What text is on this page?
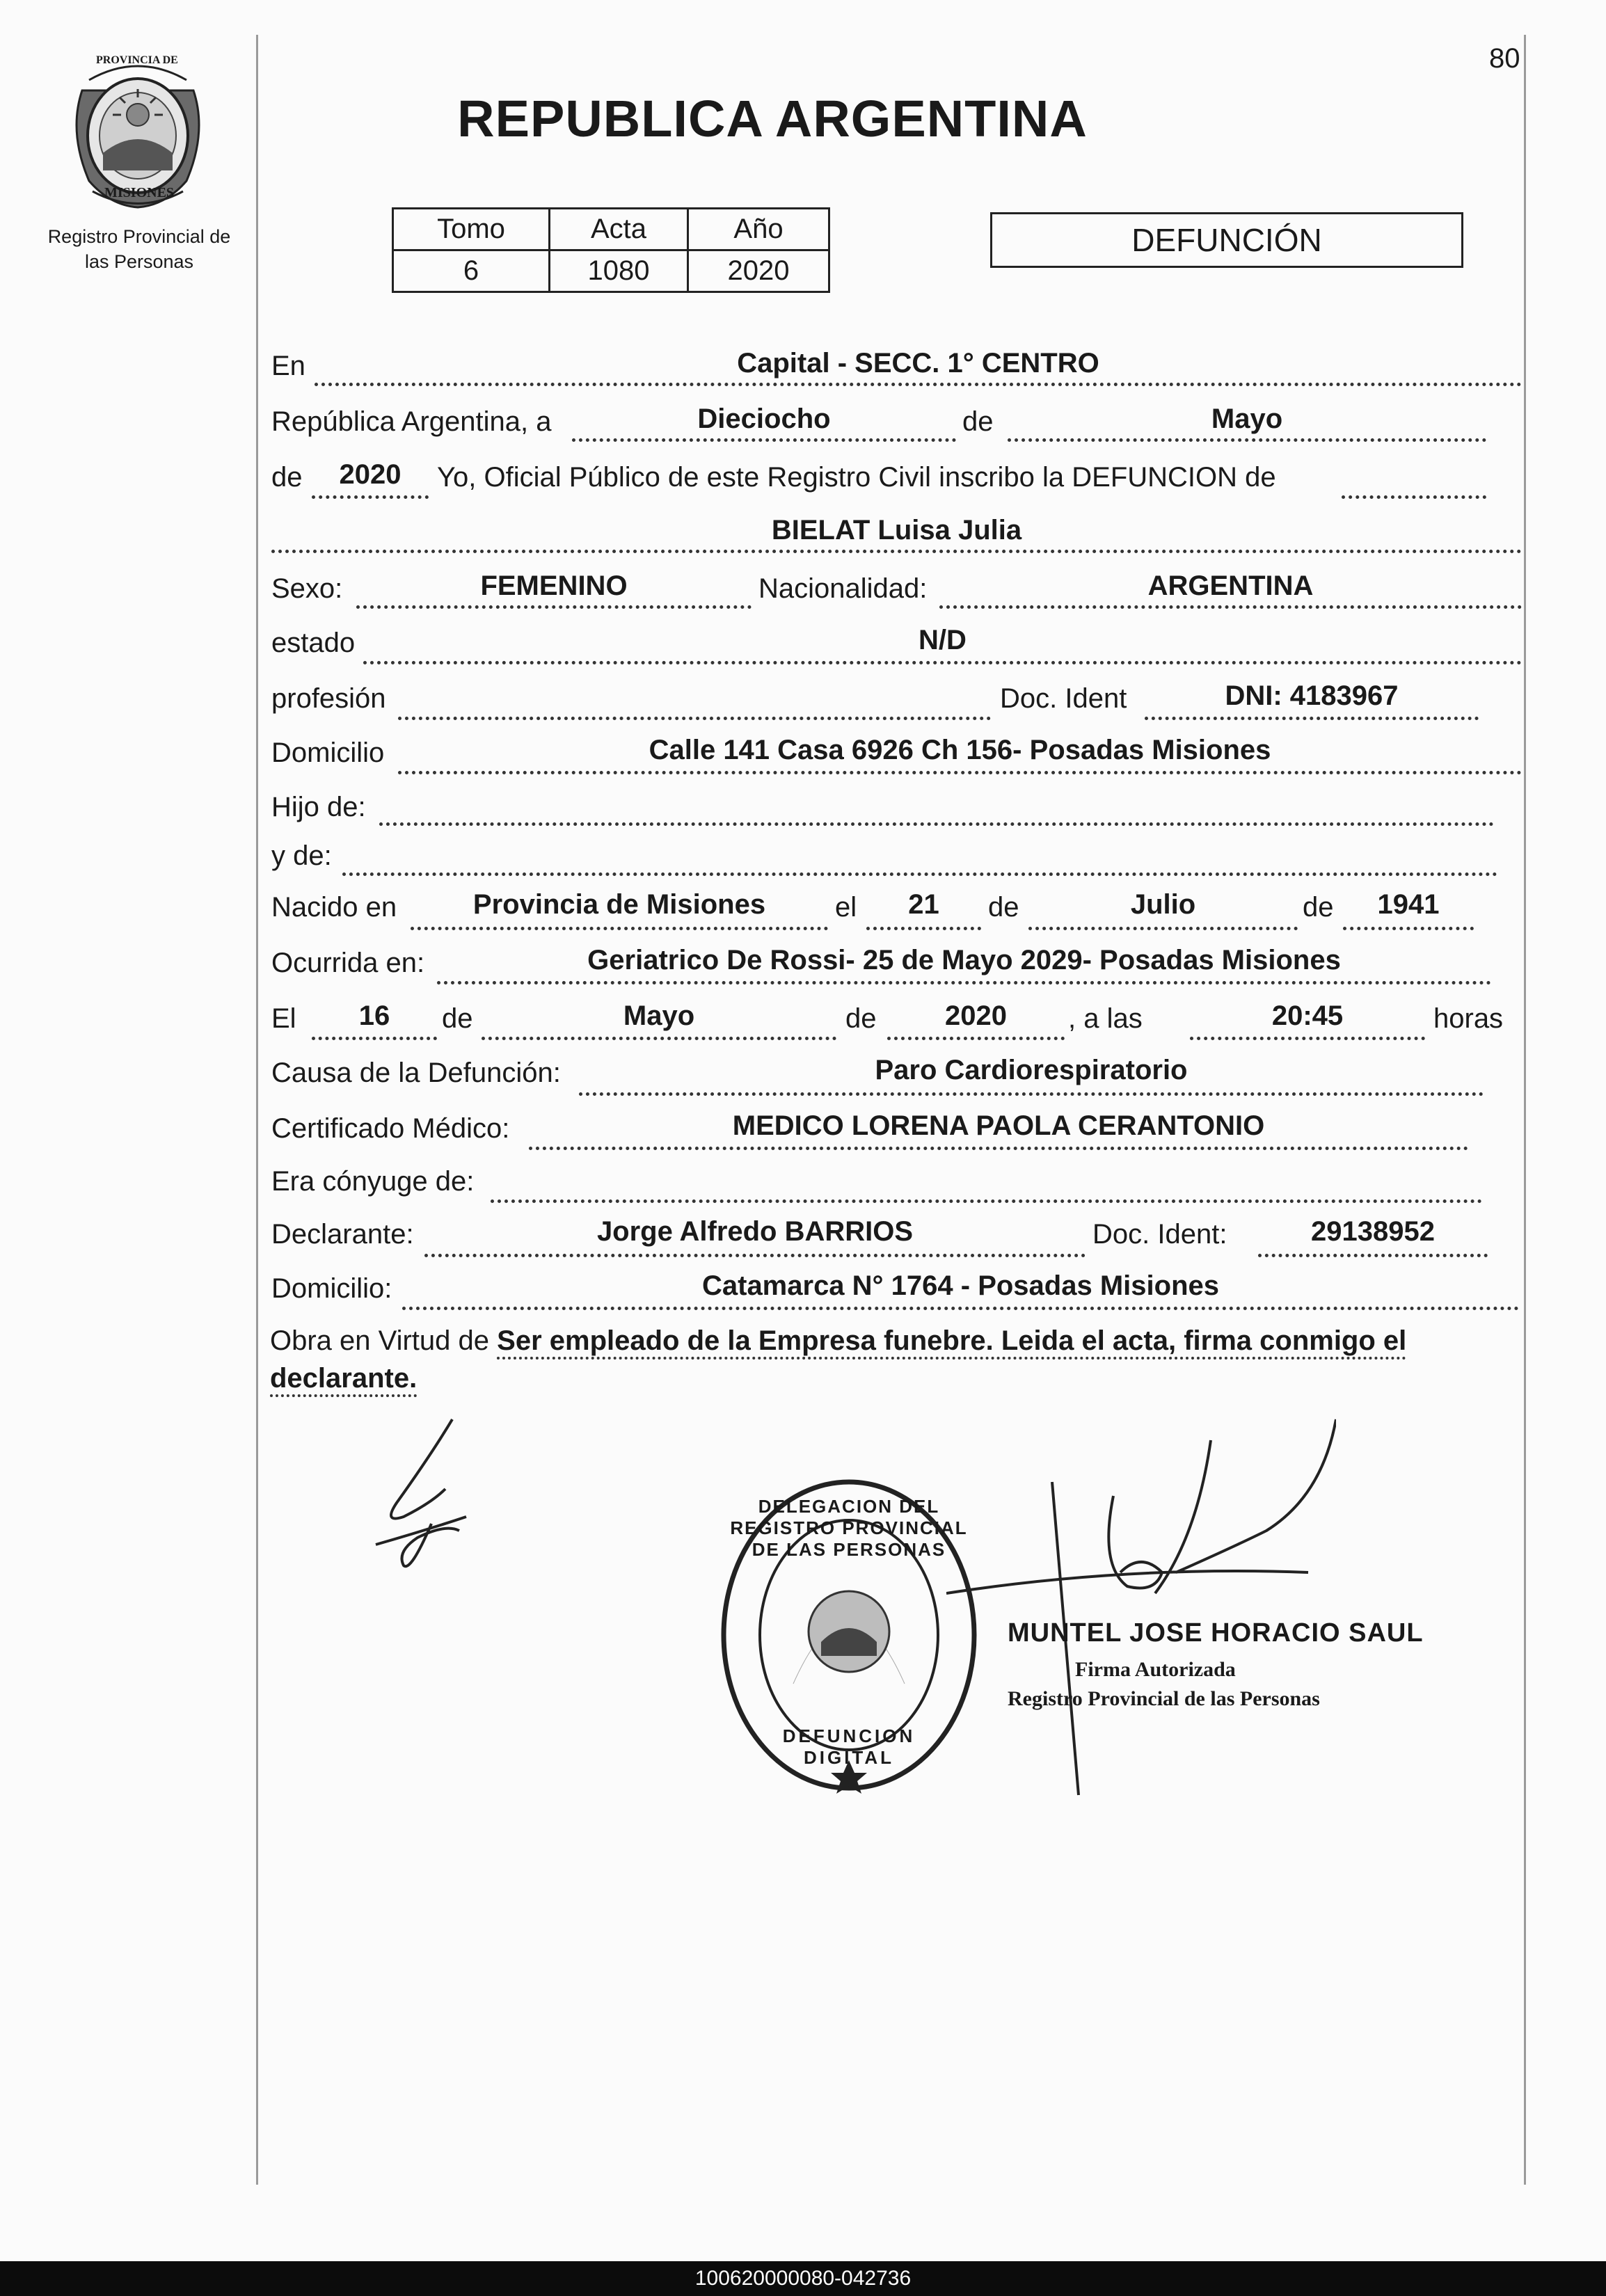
80
PROVINCIA DE
MISIONES
Registro Provincial de
las Personas
REPUBLICA ARGENTINA
Tomo	Acta	Año
6	1080	2020
DEFUNCIÓN
En	Capital - SECC. 1° CENTRO
República Argentina, a	Dieciocho	de	Mayo
de	2020	Yo, Oficial Público de este Registro Civil inscribo la DEFUNCION de
BIELAT Luisa Julia
Sexo:	FEMENINO	Nacionalidad:	ARGENTINA
estado	N/D
profesión	Doc. Ident	DNI: 4183967
Domicilio	Calle 141 Casa 6926 Ch 156- Posadas Misiones
Hijo de:
y de:
Nacido en	Provincia de Misiones	el	21	de	Julio	de	1941
Ocurrida en:	Geriatrico De Rossi- 25 de Mayo 2029- Posadas Misiones
El	16	de	Mayo	de	2020	, a las	20:45	horas
Causa de la Defunción:	Paro Cardiorespiratorio
Certificado Médico:	MEDICO LORENA PAOLA CERANTONIO
Era cónyuge de:
Declarante:	Jorge Alfredo BARRIOS	Doc. Ident:	29138952
Domicilio:	Catamarca N° 1764 - Posadas Misiones
Obra en Virtud de Ser empleado de la Empresa funebre. Leida el acta, firma conmigo el declarante.
DELEGACION DEL REGISTRO PROVINCIAL DE LAS PERSONAS
DEFUNCION DIGITAL
MUNTEL JOSE HORACIO SAUL
Firma Autorizada
Registro Provincial de las Personas
100620000080-042736
